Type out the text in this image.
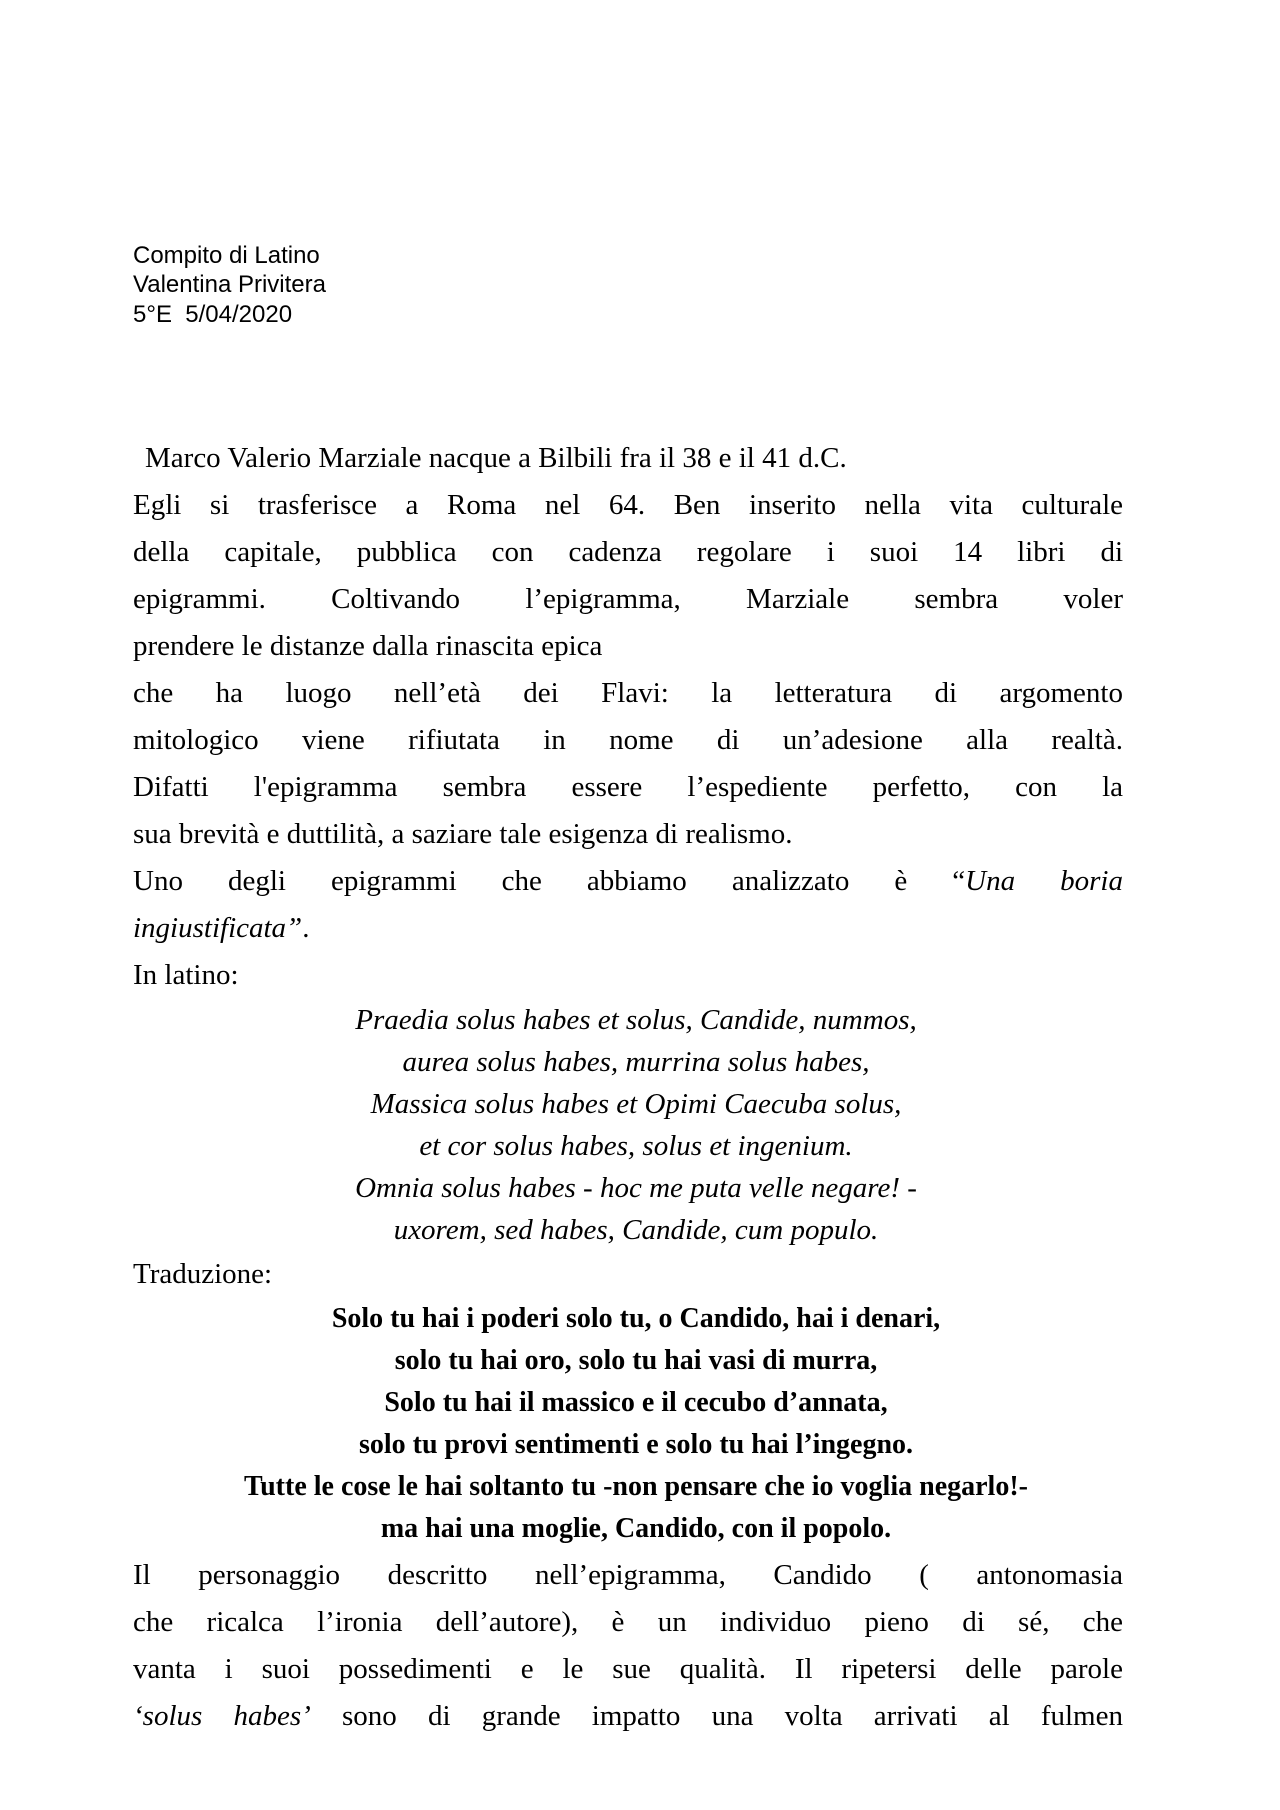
Compito di Latino
Valentina Privitera
5°E  5/04/2020
Marco Valerio Marziale nacque a Bilbili fra il 38 e il 41 d.C.
Egli si trasferisce a Roma nel 64. Ben inserito nella vita culturale
della capitale, pubblica con cadenza regolare i suoi 14 libri di
epigrammi. Coltivando l’epigramma, Marziale sembra voler
prendere le distanze dalla rinascita epica
che ha luogo nell’età dei Flavi: la letteratura di argomento
mitologico viene rifiutata in nome di un’adesione alla realtà.
Difatti l'epigramma sembra essere l’espediente perfetto, con la
sua brevità e duttilità, a saziare tale esigenza di realismo.
Uno degli epigrammi che abbiamo analizzato è “Una boria
ingiustificata”.
In latino:
Praedia solus habes et solus, Candide, nummos,
aurea solus habes, murrina solus habes,
Massica solus habes et Opimi Caecuba solus,
et cor solus habes, solus et ingenium.
Omnia solus habes - hoc me puta velle negare! -
uxorem, sed habes, Candide, cum populo.
Traduzione:
Solo tu hai i poderi solo tu, o Candido, hai i denari,
solo tu hai oro, solo tu hai vasi di murra,
Solo tu hai il massico e il cecubo d’annata,
solo tu provi sentimenti e solo tu hai l’ingegno.
Tutte le cose le hai soltanto tu -non pensare che io voglia negarlo!-
ma hai una moglie, Candido, con il popolo.
Il personaggio descritto nell’epigramma, Candido ( antonomasia
che ricalca l’ironia dell’autore), è un individuo pieno di sé, che
vanta i suoi possedimenti e le sue qualità. Il ripetersi delle parole
‘solus habes’ sono di grande impatto una volta arrivati al fulmen
